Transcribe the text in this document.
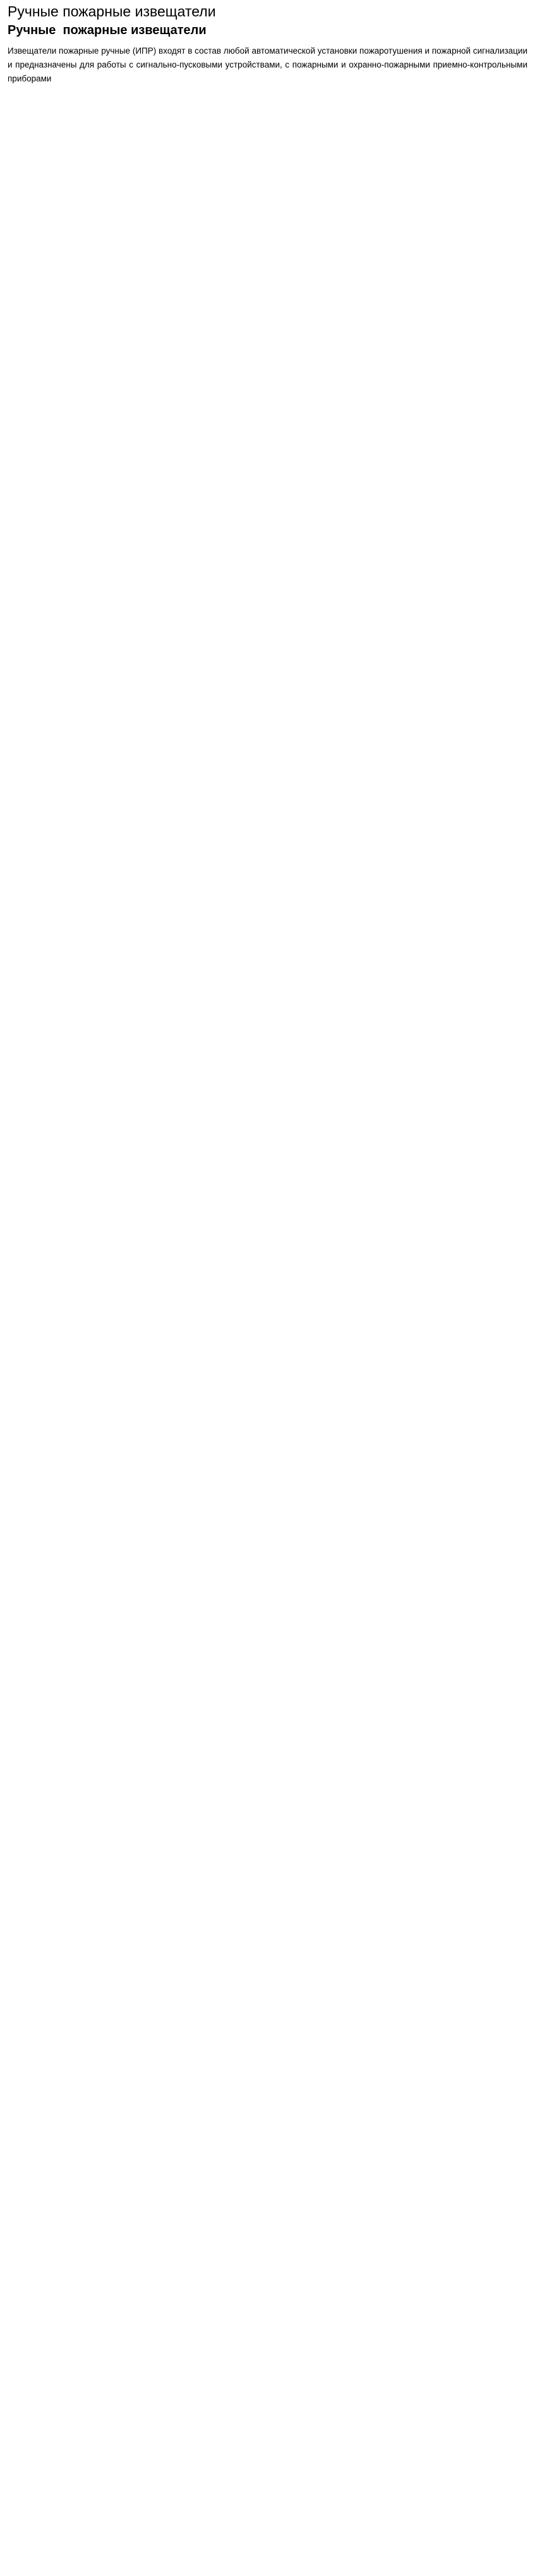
Ручные пожарные извещатели
Ручные  пожарные извещатели
Извещатели пожарные ручные (ИПР) входят в состав любой автоматической установки пожаротушения и пожарной сигнализации и предназначены для работы с сигнально-пусковыми устройствами, с пожарными и охранно-пожарными приемно-контрольными приборами
